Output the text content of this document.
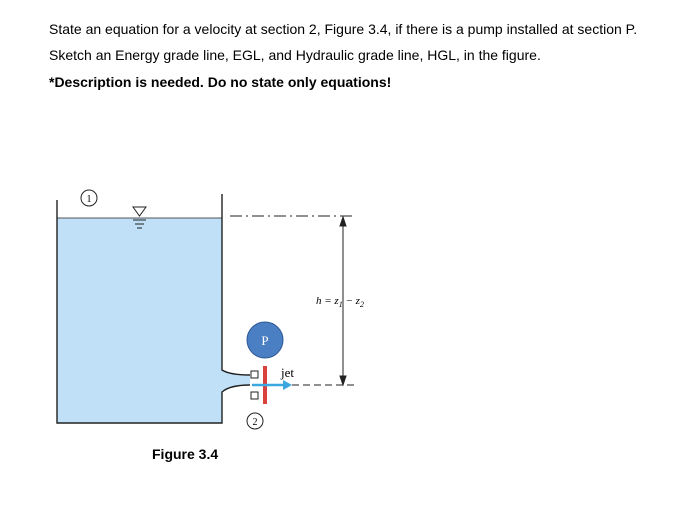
State an equation for a velocity at section 2, Figure 3.4, if there is a pump installed at section P.
Sketch an Energy grade line, EGL, and Hydraulic grade line, HGL, in the figure.
*Description is needed. Do no state only equations!
1
$h = z_1 - z_2$
P
jet
2
Figure 3.4
